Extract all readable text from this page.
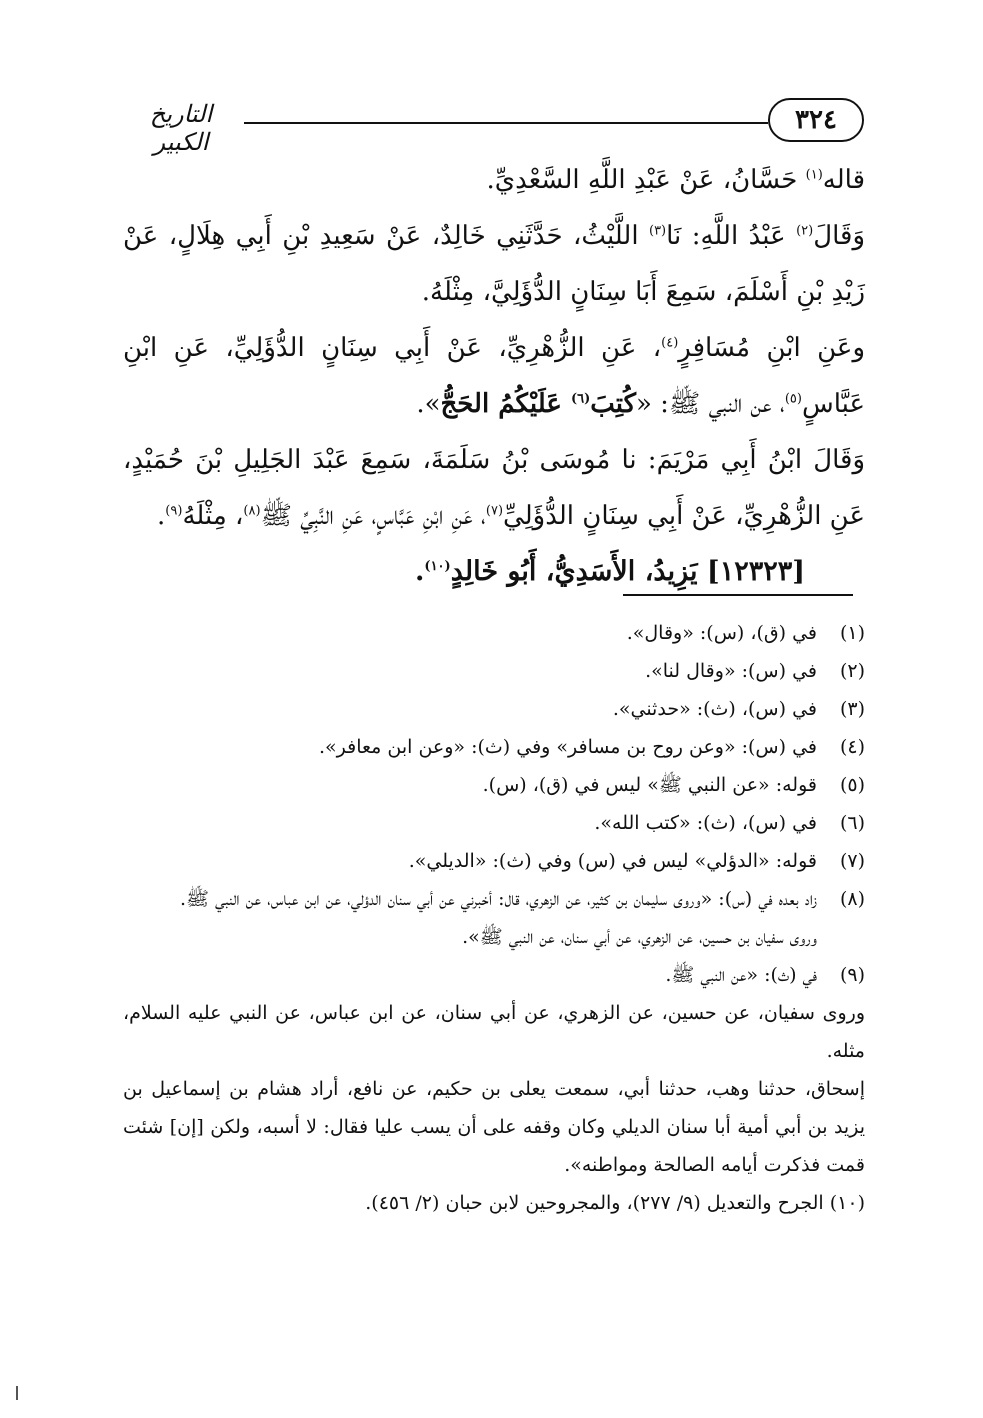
٣٢٤
التاريخ الكبير

قاله$^{(١)}$ حَسَّانُ، عَنْ عَبْدِ اللَّهِ السَّعْدِيِّ.

وَقَالَ$^{(٢)}$ عَبْدُ اللَّهِ: نَا$^{(٣)}$ اللَّيْثُ، حَدَّثَنِي خَالِدٌ، عَنْ سَعِيدِ بْنِ أَبِي هِلَالٍ، عَنْ زَيْدِ بْنِ أَسْلَمَ، سَمِعَ أَبَا سِنَانٍ الدُّؤَلِيَّ، مِثْلَهُ.

وعَنِ ابْنِ مُسَافِرٍ$^{(٤)}$، عَنِ الزُّهْرِيِّ، عَنْ أَبِي سِنَانٍ الدُّؤَلِيِّ، عَنِ ابْنِ عَبَّاسٍ$^{(٥)}$، عن النبي ﷺ: «كُتِبَ$^{(٦)}$ عَلَيْكُمُ الحَجُّ».

وَقَالَ ابْنُ أَبِي مَرْيَمَ: نا مُوسَى بْنُ سَلَمَةَ، سَمِعَ عَبْدَ الجَلِيلِ بْنَ حُمَيْدٍ، عَنِ الزُّهْرِيِّ، عَنْ أَبِي سِنَانٍ الدُّؤَلِيِّ$^{(٧)}$، عَنِ ابْنِ عَبَّاسٍ، عَنِ النَّبِيِّ ﷺ$^{(٨)}$، مِثْلَهُ$^{(٩)}$.

[١٢٣٢٣] يَزِيدُ، الأَسَدِيُّ، أَبُو خَالِدٍ$^{(١٠)}$.

(١)
في (ق)، (س): «وقال».
(٢)
في (س): «وقال لنا».
(٣)
في (س)، (ث): «حدثني».
(٤)
في (س): «وعن روح بن مسافر» وفي (ث): «وعن ابن معافر».
(٥)
قوله: «عن النبي ﷺ» ليس في (ق)، (س).
(٦)
في (س)، (ث): «كتب الله».
(٧)
قوله: «الدؤلي» ليس في (س) وفي (ث): «الديلي».
(٨)
زاد بعده في (س): «وروى سليمان بن كثير، عن الزهري، قال: أخبرني عن أبي سنان الدؤلي، عن ابن عباس، عن النبي ﷺ.

وروى سفيان بن حسين، عن الزهري، عن أبي سنان، عن النبي ﷺ».

(٩)
في (ث): «عن النبي ﷺ.

وروى سفيان، عن حسين، عن الزهري، عن أبي سنان، عن ابن عباس، عن النبي عليه السلام، مثله.

إسحاق، حدثنا وهب، حدثنا أبي، سمعت يعلى بن حكيم، عن نافع، أراد هشام بن إسماعيل بن يزيد بن أبي أمية أبا سنان الديلي وكان وقفه على أن يسب عليا فقال: لا أسبه، ولكن [إن] شئت قمت فذكرت أيامه الصالحة ومواطنه».

(١٠) الجرح والتعديل (٩/ ٢٧٧)، والمجروحين لابن حبان (٢/ ٤٥٦).
